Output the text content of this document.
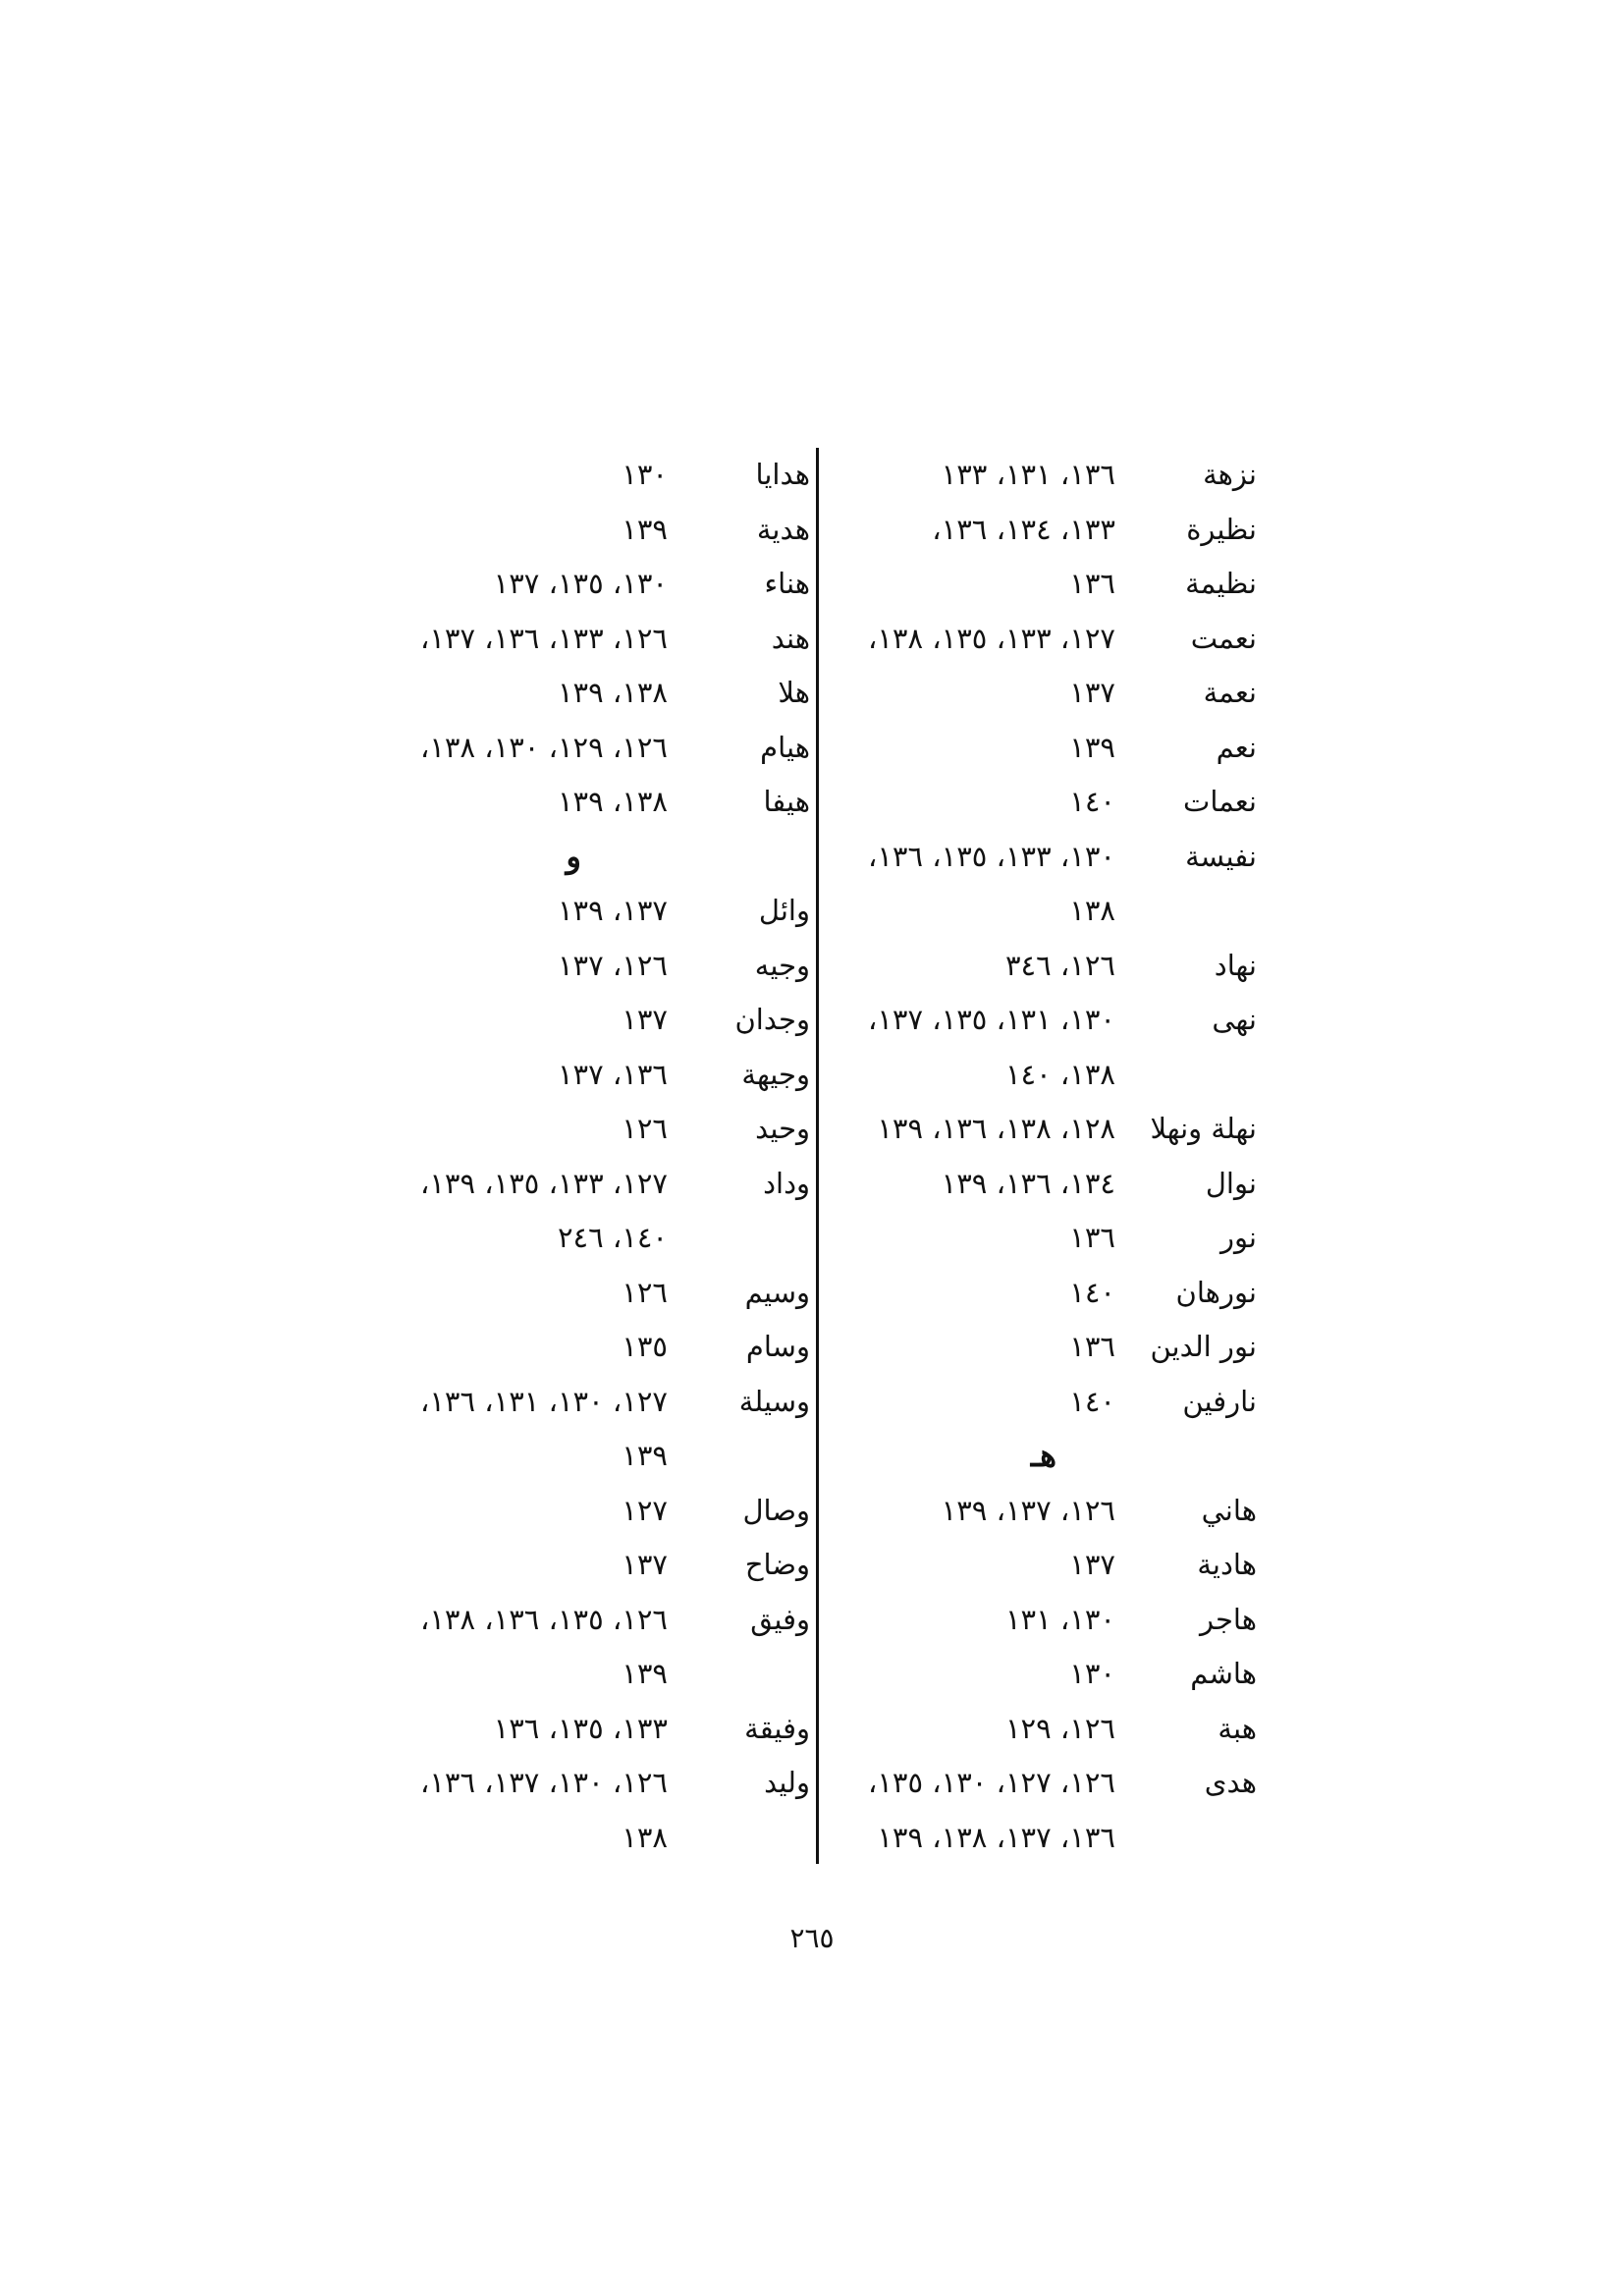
نزهة
١٣٦، ١٣١، ١٣٣
نظيرة
١٣٣، ١٣٤، ١٣٦،
نظيمة
١٣٦
نعمت
١٢٧، ١٣٣، ١٣٥، ١٣٨،
نعمة
١٣٧
نعم
١٣٩
نعمات
١٤٠
نفيسة
١٣٠، ١٣٣، ١٣٥، ١٣٦،
١٣٨
نهاد
١٢٦، ٣٤٦
نهى
١٣٠، ١٣١، ١٣٥، ١٣٧،
١٣٨، ١٤٠
نهلة ونهلا
١٢٨، ١٣٨، ١٣٦، ١٣٩
نوال
١٣٤، ١٣٦، ١٣٩
نور
١٣٦
نورهان
١٤٠
نور الدين
١٣٦
نارفين
١٤٠
هـ
هاني
١٢٦، ١٣٧، ١٣٩
هادية
١٣٧
هاجر
١٣٠، ١٣١
هاشم
١٣٠
هبة
١٢٦، ١٢٩
هدى
١٢٦، ١٢٧، ١٣٠، ١٣٥،
١٣٦، ١٣٧، ١٣٨، ١٣٩
هدايا
١٣٠
هدية
١٣٩
هناء
١٣٠، ١٣٥، ١٣٧
هند
١٢٦، ١٣٣، ١٣٦، ١٣٧،
هلا
١٣٨، ١٣٩
هيام
١٢٦، ١٢٩، ١٣٠، ١٣٨،
هيفا
١٣٨، ١٣٩
و
وائل
١٣٧، ١٣٩
وجيه
١٢٦، ١٣٧
وجدان
١٣٧
وجيهة
١٣٦، ١٣٧
وحيد
١٢٦
وداد
١٢٧، ١٣٣، ١٣٥، ١٣٩،
١٤٠، ٢٤٦
وسيم
١٢٦
وسام
١٣٥
وسيلة
١٢٧، ١٣٠، ١٣١، ١٣٦،
١٣٩
وصال
١٢٧
وضاح
١٣٧
وفيق
١٢٦، ١٣٥، ١٣٦، ١٣٨،
١٣٩
وفيقة
١٣٣، ١٣٥، ١٣٦
وليد
١٢٦، ١٣٠، ١٣٧، ١٣٦،
١٣٨
٢٦٥
